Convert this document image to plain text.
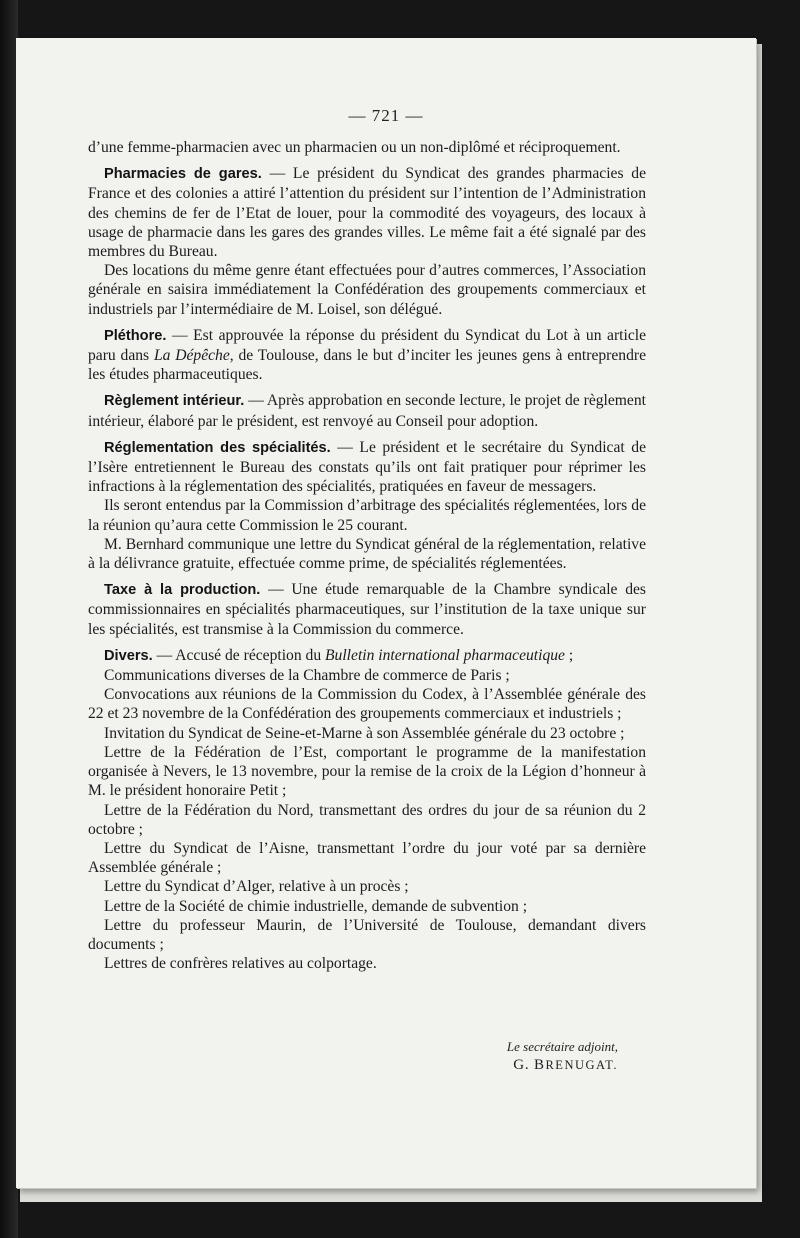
— 721 —

d’une femme-pharmacien avec un pharmacien ou un non-diplômé et réciproquement.

Pharmacies de gares. — Le président du Syndicat des grandes pharmacies de France et des colonies a attiré l’attention du président sur l’intention de l’Administration des chemins de fer de l’Etat de louer, pour la commodité des voyageurs, des locaux à usage de pharmacie dans les gares des grandes villes. Le même fait a été signalé par des membres du Bureau.

Des locations du même genre étant effectuées pour d’autres commerces, l’Association générale en saisira immédiatement la Confédération des groupements commerciaux et industriels par l’intermédiaire de M. Loisel, son délégué.

Pléthore. — Est approuvée la réponse du président du Syndicat du Lot à un article paru dans La Dépêche, de Toulouse, dans le but d’inciter les jeunes gens à entreprendre les études pharmaceutiques.

Règlement intérieur. — Après approbation en seconde lecture, le projet de règlement intérieur, élaboré par le président, est renvoyé au Conseil pour adoption.

Réglementation des spécialités. — Le président et le secrétaire du Syndicat de l’Isère entretiennent le Bureau des constats qu’ils ont fait pratiquer pour réprimer les infractions à la réglementation des spécialités, pratiquées en faveur de messagers.

Ils seront entendus par la Commission d’arbitrage des spécialités réglementées, lors de la réunion qu’aura cette Commission le 25 courant.

M. Bernhard communique une lettre du Syndicat général de la réglementation, relative à la délivrance gratuite, effectuée comme prime, de spécialités réglementées.

Taxe à la production. — Une étude remarquable de la Chambre syndicale des commissionnaires en spécialités pharmaceutiques, sur l’institution de la taxe unique sur les spécialités, est transmise à la Commission du commerce.

Divers. — Accusé de réception du Bulletin international pharmaceutique ;

Communications diverses de la Chambre de commerce de Paris ;

Convocations aux réunions de la Commission du Codex, à l’Assemblée générale des 22 et 23 novembre de la Confédération des groupements commerciaux et industriels ;

Invitation du Syndicat de Seine-et-Marne à son Assemblée générale du 23 octobre ;

Lettre de la Fédération de l’Est, comportant le programme de la manifestation organisée à Nevers, le 13 novembre, pour la remise de la croix de la Légion d’honneur à M. le président honoraire Petit ;

Lettre de la Fédération du Nord, transmettant des ordres du jour de sa réunion du 2 octobre ;

Lettre du Syndicat de l’Aisne, transmettant l’ordre du jour voté par sa dernière Assemblée générale ;

Lettre du Syndicat d’Alger, relative à un procès ;

Lettre de la Société de chimie industrielle, demande de subvention ;

Lettre du professeur Maurin, de l’Université de Toulouse, demandant divers documents ;

Lettres de confrères relatives au colportage.

Le secrétaire adjoint,
G. BRENUGAT.
